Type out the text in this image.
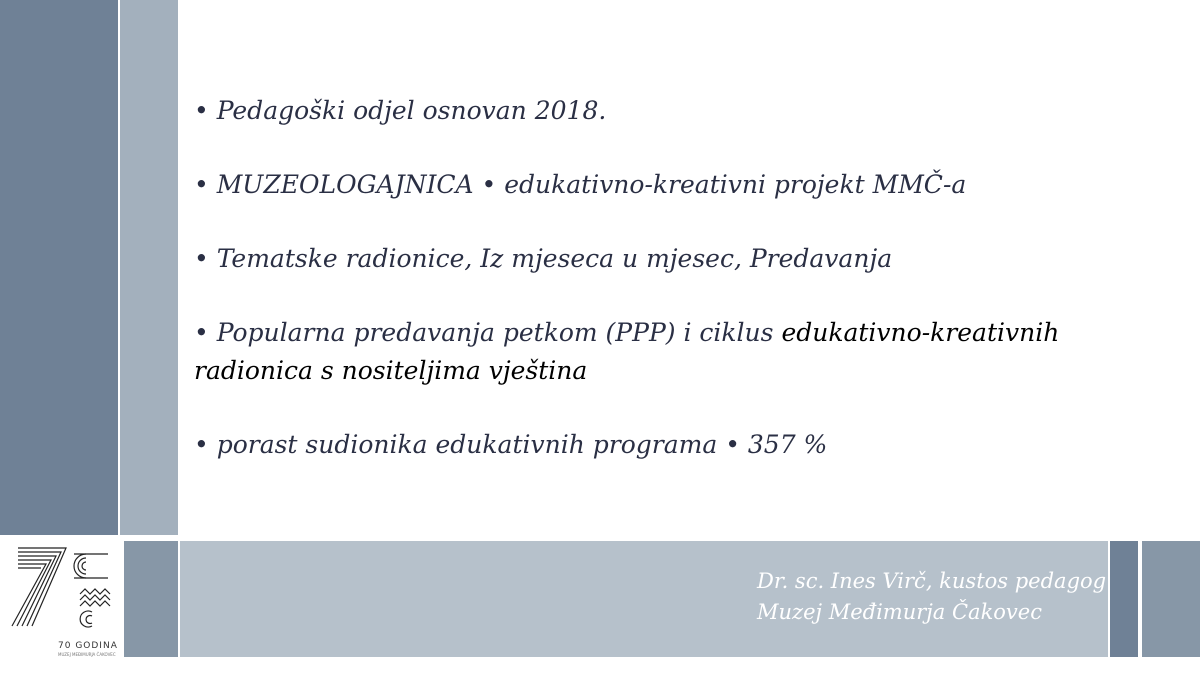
• Pedagoški odjel osnovan 2018.

• MUZEOLOGAJNICA • edukativno-kreativni projekt MMČ-a

• Tematske radionice, Iz mjeseca u mjesec, Predavanja

• Popularna predavanja petkom (PPP) i ciklus edukativno-kreativnih radionica s nositeljima vještina

• porast sudionika edukativnih programa • 357 %

Dr. sc. Ines Virč, kustos pedagog
Muzej Međimurja Čakovec
70 GODINA
MUZEJ MEĐIMURJA ČAKOVEC
